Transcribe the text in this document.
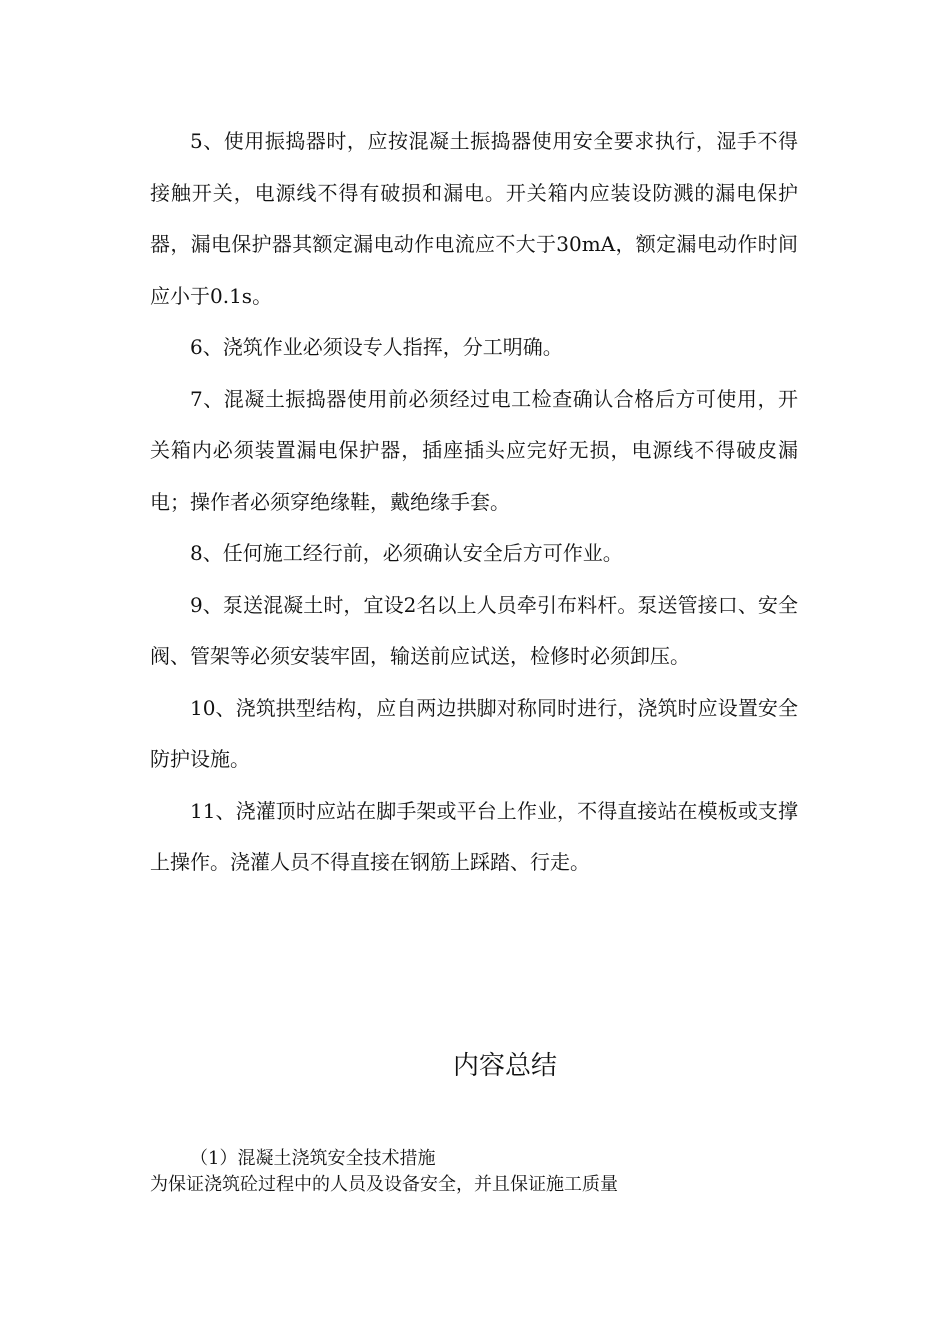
5、使用振捣器时，应按混凝土振捣器使用安全要求执行，湿手不得接触开关，电源线不得有破损和漏电。开关箱内应装设防溅的漏电保护器，漏电保护器其额定漏电动作电流应不大于30mA，额定漏电动作时间应小于0.1s。

6、浇筑作业必须设专人指挥，分工明确。

7、混凝土振捣器使用前必须经过电工检查确认合格后方可使用，开关箱内必须装置漏电保护器，插座插头应完好无损，电源线不得破皮漏电；操作者必须穿绝缘鞋，戴绝缘手套。

8、任何施工经行前，必须确认安全后方可作业。

9、泵送混凝土时，宜设2名以上人员牵引布料杆。泵送管接口、安全阀、管架等必须安装牢固，输送前应试送，检修时必须卸压。

10、浇筑拱型结构，应自两边拱脚对称同时进行，浇筑时应设置安全防护设施。

11、浇灌顶时应站在脚手架或平台上作业，不得直接站在模板或支撑上操作。浇灌人员不得直接在钢筋上踩踏、行走。

内容总结

（1）混凝土浇筑安全技术措施

为保证浇筑砼过程中的人员及设备安全，并且保证施工质量
